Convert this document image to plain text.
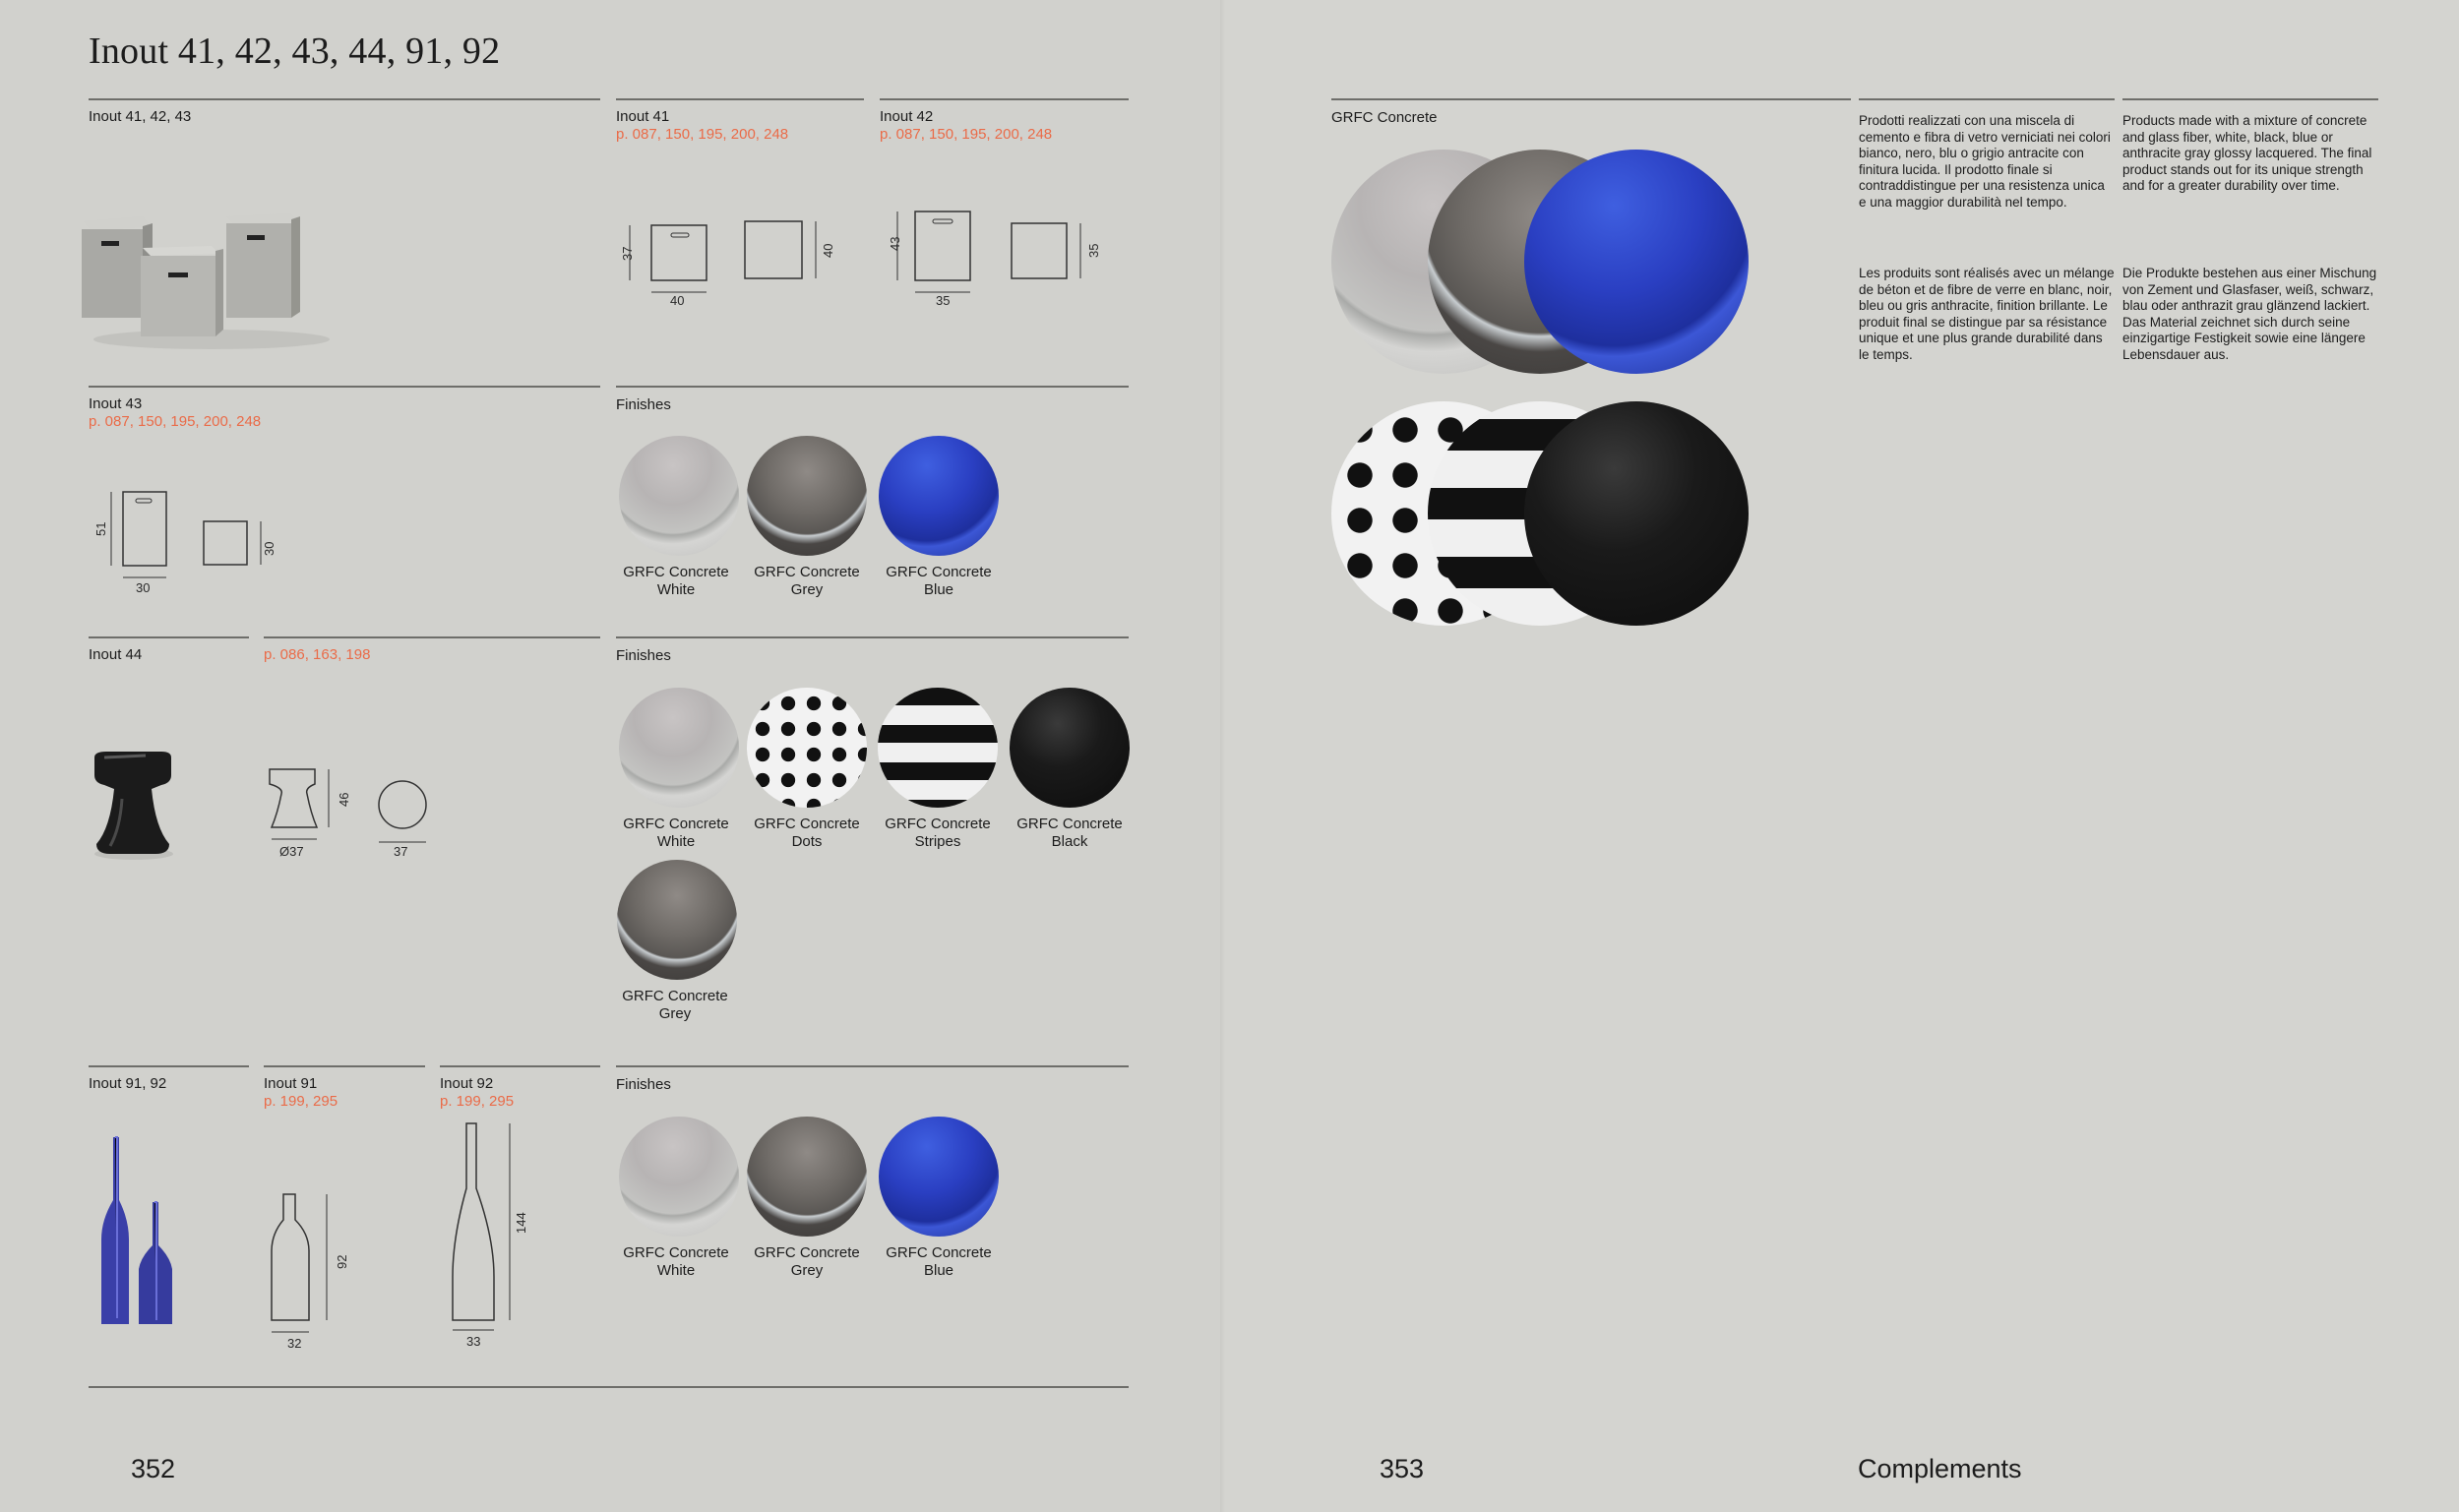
Inout 41, 42, 43, 44, 91, 92
Inout 41, 42, 43	Inout 41
p. 087, 150, 195, 200, 248
Inout 42
p. 087, 150, 195, 200, 248
37
40
40	43
35
35
Inout 43
p. 087, 150, 195, 200, 248
Finishes
51
30
30
GRFC Concrete
White
GRFC Concrete
Grey
GRFC Concrete
Blue
Inout 44	p. 086, 163, 198	Finishes
46
Ø37	37
GRFC Concrete
White
GRFC Concrete
Dots
GRFC Concrete
Stripes
GRFC Concrete
Black
GRFC Concrete
Grey
Inout 91, 92	Inout 91
p. 199, 295
Inout 92
p. 199, 295
Finishes
92
32
144
33
GRFC Concrete
White
GRFC Concrete
Grey
GRFC Concrete
Blue
352
GRFC Concrete	Prodotti realizzati con una miscela di cemento e fibra di vetro verniciati nei colori bianco, nero, blu o grigio antracite con finitura lucida. Il prodotto finale si contraddistingue per una resistenza unica e una maggior durabilità nel tempo.
Products made with a mixture of concrete and glass fiber, white, black, blue or anthracite gray glossy lacquered. The final product stands out for its unique strength and for a greater durability over time.
Les produits sont réalisés avec un mélange de béton et de fibre de verre en blanc, noir, bleu ou gris anthracite, finition brillante. Le produit final se distingue par sa résistance unique et une plus grande durabilité dans le temps.
Die Produkte bestehen aus einer Mischung von Zement und Glasfaser, weiß, schwarz, blau oder anthrazit grau glänzend lackiert. Das Material zeichnet sich durch seine einzigartige Festigkeit sowie eine längere Lebensdauer aus.
353	Complements
